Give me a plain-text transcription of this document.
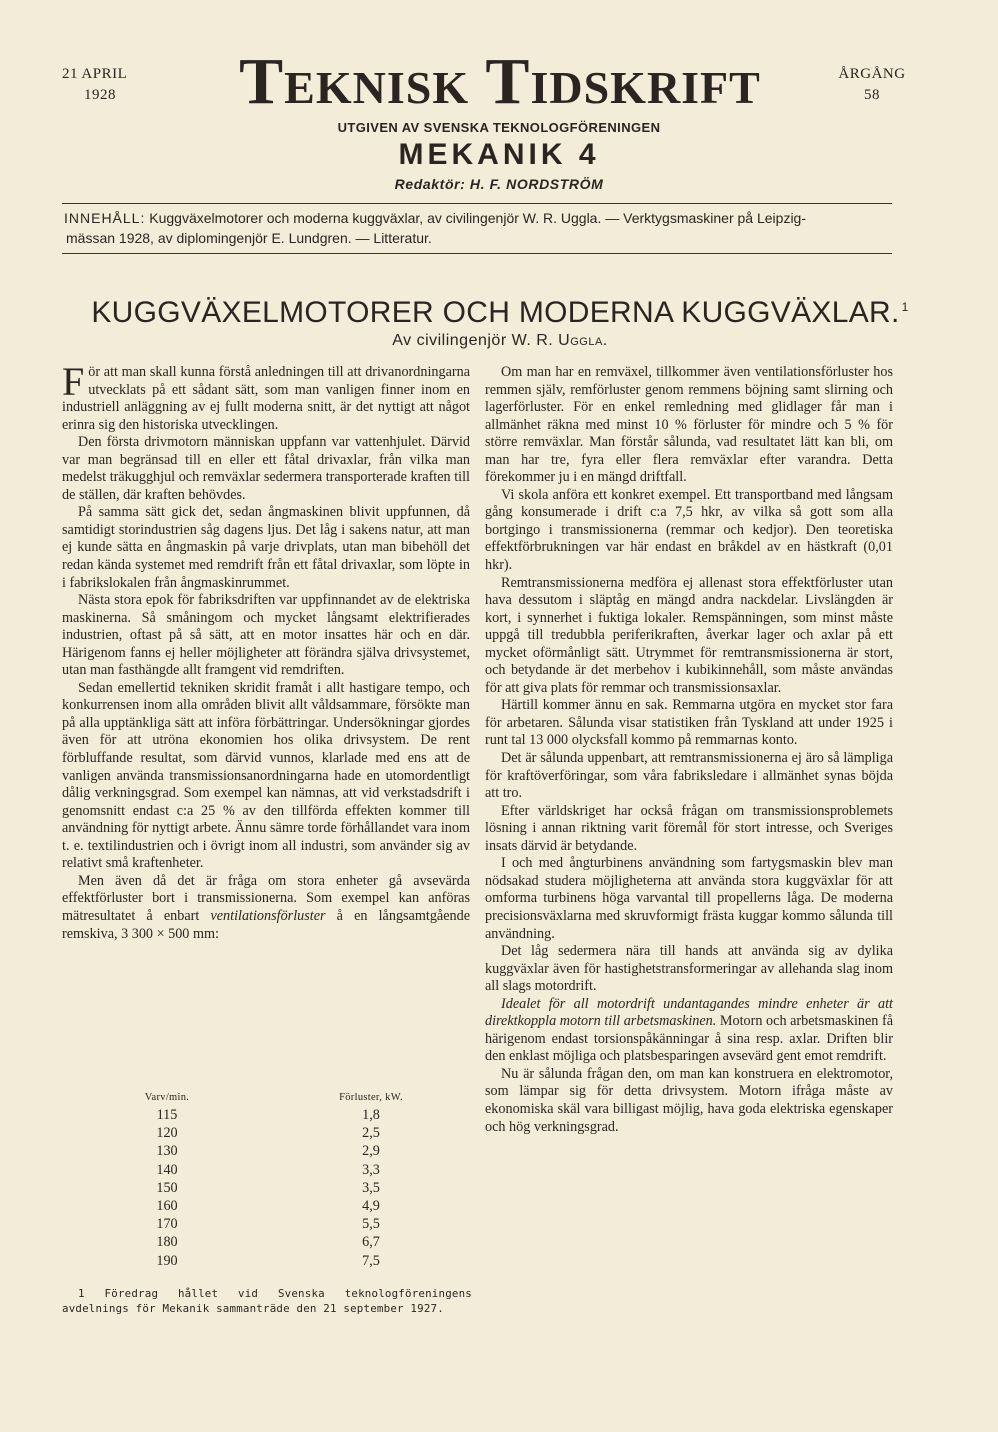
21 APRIL
1928	Teknisk Tidskrift	ÅRGÅNG
58
UTGIVEN AV SVENSKA TEKNOLOGFÖRENINGEN
MEKANIK 4
Redaktör: H. F. NORDSTRÖM
INNEHÅLL: Kuggväxelmotorer och moderna kuggväxlar, av civilingenjör W. R. Uggla. — Verktygsmaskiner på Leipzig-
mässan 1928, av diplomingenjör E. Lundgren. — Litteratur.
KUGGVÄXELMOTORER OCH MODERNA KUGGVÄXLAR. $^1$
Av civilingenjör W. R. Uggla.

För att man skall kunna förstå anledningen till att drivanordningarna utvecklats på ett sådant sätt, som man vanligen finner inom en industriell anläggning av ej fullt moderna snitt, är det nyttigt att något erinra sig den historiska utvecklingen.

Den första drivmotorn människan uppfann var vattenhjulet. Därvid var man begränsad till en eller ett fåtal drivaxlar, från vilka man medelst träkugghjul och remväxlar sedermera transporterade kraften till de ställen, där kraften behövdes.

På samma sätt gick det, sedan ångmaskinen blivit uppfunnen, då samtidigt storindustrien såg dagens ljus. Det låg i sakens natur, att man ej kunde sätta en ångmaskin på varje drivplats, utan man bibehöll det redan kända systemet med remdrift från ett fåtal drivaxlar, som löpte in i fabrikslokalen från ångmaskinrummet.

Nästa stora epok för fabriksdriften var uppfinnandet av de elektriska maskinerna. Så småningom och mycket långsamt elektrifierades industrien, oftast på så sätt, att en motor insattes här och en där. Härigenom fanns ej heller möjligheter att förändra själva drivsystemet, utan man fasthängde allt framgent vid remdriften.

Sedan emellertid tekniken skridit framåt i allt hastigare tempo, och konkurrensen inom alla områden blivit allt våldsammare, försökte man på alla upptänkliga sätt att införa förbättringar. Undersökningar gjordes även för att utröna ekonomien hos olika drivsystem. De rent förbluffande resultat, som därvid vunnos, klarlade med ens att de vanligen använda transmissionsanordningarna hade en utomordentligt dålig verkningsgrad. Som exempel kan nämnas, att vid verkstadsdrift i genomsnitt endast c:a 25 % av den tillförda effekten kommer till användning för nyttigt arbete. Ännu sämre torde förhållandet vara inom t. e. textilindustrien och i övrigt inom all industri, som använder sig av relativt små kraftenheter.

Men även då det är fråga om stora enheter gå avsevärda effektförluster bort i transmissionerna. Som exempel kan anföras mätresultatet å enbart ventilationsförluster å en långsamtgående remskiva, 3 300 × 500 mm:

Varv/min.	Förluster, kW.
115	1,8
120	2,5
130	2,9
140	3,3
150	3,5
160	4,9
170	5,5
180	6,7
190	7,5
1 Föredrag hållet vid Svenska teknologföreningens avdelnings för Mekanik sammanträde den 21 september 1927.

Om man har en remväxel, tillkommer även ventilationsförluster hos remmen själv, remförluster genom remmens böjning samt slirning och lagerförluster. För en enkel remledning med glidlager får man i allmänhet räkna med minst 10 % förluster för mindre och 5 % för större remväxlar. Man förstår sålunda, vad resultatet lätt kan bli, om man har tre, fyra eller flera remväxlar efter varandra. Detta förekommer ju i en mängd driftfall.

Vi skola anföra ett konkret exempel. Ett transportband med långsam gång konsumerade i drift c:a 7,5 hkr, av vilka så gott som alla bortgingo i transmissionerna (remmar och kedjor). Den teoretiska effektförbrukningen var här endast en bråkdel av en hästkraft (0,01 hkr).

Remtransmissionerna medföra ej allenast stora effektförluster utan hava dessutom i släptåg en mängd andra nackdelar. Livslängden är kort, i synnerhet i fuktiga lokaler. Remspänningen, som minst måste uppgå till tredubbla periferikraften, åverkar lager och axlar på ett mycket oförmånligt sätt. Utrymmet för remtransmissionerna är stort, och betydande är det merbehov i kubikinnehåll, som måste användas för att giva plats för remmar och transmissionsaxlar.

Härtill kommer ännu en sak. Remmarna utgöra en mycket stor fara för arbetaren. Sålunda visar statistiken från Tyskland att under 1925 i runt tal 13 000 olycksfall kommo på remmarnas konto.

Det är sålunda uppenbart, att remtransmissionerna ej äro så lämpliga för kraftöverföringar, som våra fabriksledare i allmänhet synas böjda att tro.

Efter världskriget har också frågan om transmissionsproblemets lösning i annan riktning varit föremål för stort intresse, och Sveriges insats därvid är betydande.

I och med ångturbinens användning som fartygsmaskin blev man nödsakad studera möjligheterna att använda stora kuggväxlar för att omforma turbinens höga varvantal till propellerns låga. De moderna precisionsväxlarna med skruvformigt frästa kuggar kommo sålunda till användning.

Det låg sedermera nära till hands att använda sig av dylika kuggväxlar även för hastighetstransformeringar av allehanda slag inom all slags motordrift.

Idealet för all motordrift undantagandes mindre enheter är att direktkoppla motorn till arbetsmaskinen. Motorn och arbetsmaskinen få härigenom endast torsionspåkänningar å sina resp. axlar. Driften blir den enklast möjliga och platsbesparingen avsevärd gent emot remdrift.

Nu är sålunda frågan den, om man kan konstruera en elektromotor, som lämpar sig för detta drivsystem. Motorn ifråga måste av ekonomiska skäl vara billigast möjlig, hava goda elektriska egenskaper och hög verkningsgrad.
